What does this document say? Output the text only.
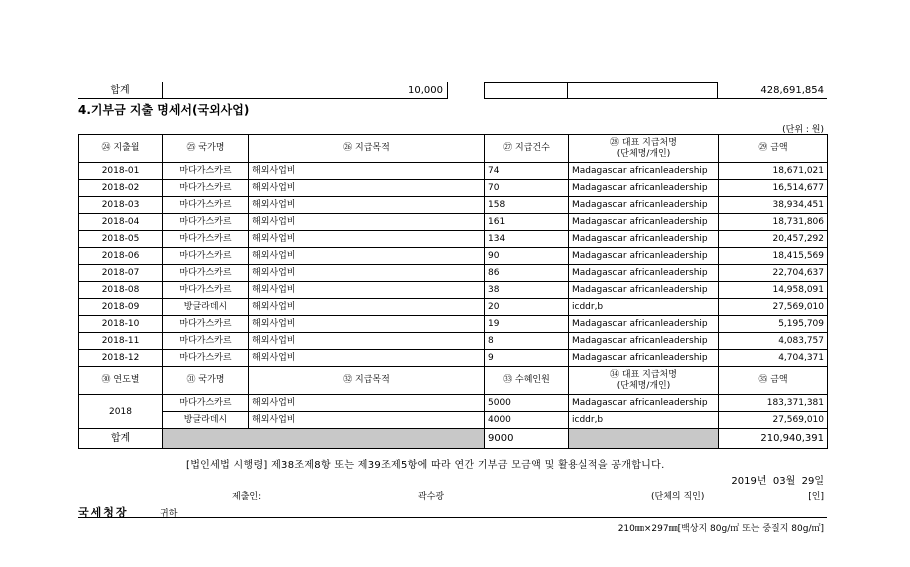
합계	10,000	428,691,854
4.기부금 지출 명세서(국외사업)
(단위 : 원)
㉔ 지출월	㉕ 국가명	㉖ 지급목적	㉗ 지급건수	㉘ 대표 지급처명
(단체명/개인)	㉙ 금액
2018-01	마다가스카르	해외사업비	74	Madagascar africanleadership	18,671,021
2018-02	마다가스카르	해외사업비	70	Madagascar africanleadership	16,514,677
2018-03	마다가스카르	해외사업비	158	Madagascar africanleadership	38,934,451
2018-04	마다가스카르	해외사업비	161	Madagascar africanleadership	18,731,806
2018-05	마다가스카르	해외사업비	134	Madagascar africanleadership	20,457,292
2018-06	마다가스카르	해외사업비	90	Madagascar africanleadership	18,415,569
2018-07	마다가스카르	해외사업비	86	Madagascar africanleadership	22,704,637
2018-08	마다가스카르	해외사업비	38	Madagascar africanleadership	14,958,091
2018-09	방글라데시	해외사업비	20	icddr,b	27,569,010
2018-10	마다가스카르	해외사업비	19	Madagascar africanleadership	5,195,709
2018-11	마다가스카르	해외사업비	8	Madagascar africanleadership	4,083,757
2018-12	마다가스카르	해외사업비	9	Madagascar africanleadership	4,704,371
㉚ 연도별	㉛ 국가명	㉜ 지급목적	㉝ 수혜인원	㉞ 대표 지급처명
(단체명/개인)	㉟ 금액
2018	마다가스카르	해외사업비	5000	Madagascar africanleadership	183,371,381
	방글라데시	해외사업비	4000	icddr,b	27,569,010
합계			9000		210,940,391
[법인세법 시행령] 제38조제8항 또는 제39조제5항에 따라 연간 기부금 모금액 및 활용실적을 공개합니다.
2019년  03월  29일
제출인:	곽수광	(단체의 직인)	[인]
국세청장	귀하
210㎜×297㎜[백상지 80g/㎡ 또는 중질지 80g/㎡]
